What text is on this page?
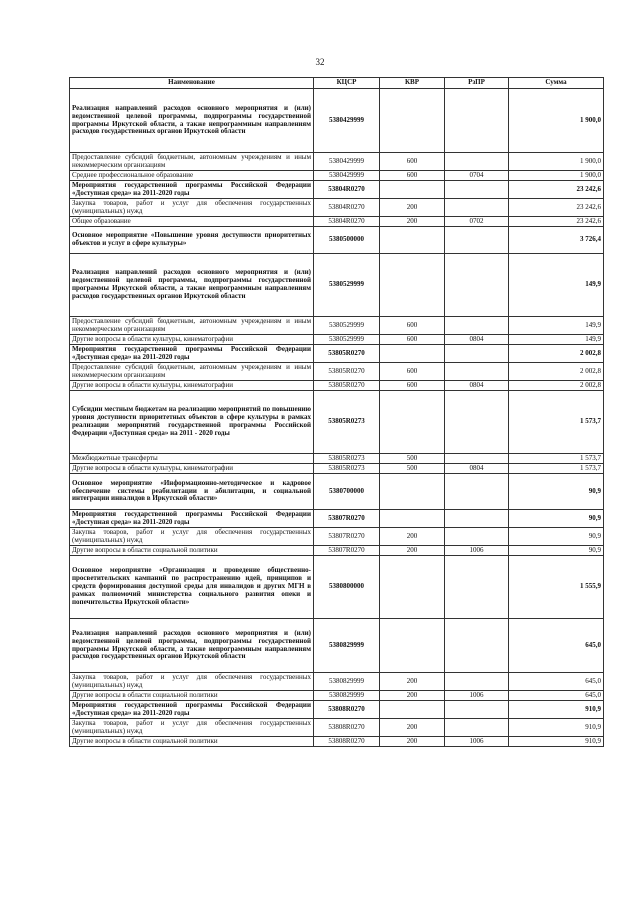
32
Наименование	КЦСР	КВР	РзПР	Сумма
Реализация направлений расходов основного мероприятия и (или) ведомственной целевой программы, подпрограммы государственной программы Иркутской области, а также непрограммным направлениям расходов государственных органов Иркутской области	5380429999			1 900,0
Предоставление субсидий бюджетным, автономным учреждениям и иным некоммерческим организациям	5380429999	600		1 900,0
Среднее профессиональное образование	5380429999	600	0704	1 900,0
Мероприятия государственной программы Российской Федерации «Доступная среда» на 2011-2020 годы	53804R0270			23 242,6
Закупка товаров, работ и услуг для обеспечения государственных (муниципальных) нужд	53804R0270	200		23 242,6
Общее образование	53804R0270	200	0702	23 242,6
Основное мероприятие «Повышение уровня доступности приоритетных объектов и услуг в сфере культуры»	5380500000			3 726,4
Реализация направлений расходов основного мероприятия и (или) ведомственной целевой программы, подпрограммы государственной программы Иркутской области, а также непрограммным направлениям расходов государственных органов Иркутской области	5380529999			149,9
Предоставление субсидий бюджетным, автономным учреждениям и иным некоммерческим организациям	5380529999	600		149,9
Другие вопросы в области культуры, кинематографии	5380529999	600	0804	149,9
Мероприятия государственной программы Российской Федерации «Доступная среда» на 2011-2020 годы	53805R0270			2 002,8
Предоставление субсидий бюджетным, автономным учреждениям и иным некоммерческим организациям	53805R0270	600		2 002,8
Другие вопросы в области культуры, кинематографии	53805R0270	600	0804	2 002,8
Субсидии местным бюджетам на реализацию мероприятий по повышению уровня доступности приоритетных объектов в сфере культуры в рамках реализации мероприятий государственной программы Российской Федерации «Доступная среда» на 2011 - 2020 годы	53805R0273			1 573,7
Межбюджетные трансферты	53805R0273	500		1 573,7
Другие вопросы в области культуры, кинематографии	53805R0273	500	0804	1 573,7
Основное мероприятие «Информационно-методическое и кадровое обеспечение системы реабилитации и абилитации, и социальной интеграции инвалидов в Иркутской области»	5380700000			90,9
Мероприятия государственной программы Российской Федерации «Доступная среда» на 2011-2020 годы	53807R0270			90,9
Закупка товаров, работ и услуг для обеспечения государственных (муниципальных) нужд	53807R0270	200		90,9
Другие вопросы в области социальной политики	53807R0270	200	1006	90,9
Основное мероприятие «Организация и проведение общественно-просветительских кампаний по распространению идей, принципов и средств формирования доступной среды для инвалидов и других МГН в рамках полномочий министерства социального развития опеки и попечительства Иркутской области»	5380800000			1 555,9
Реализация направлений расходов основного мероприятия и (или) ведомственной целевой программы, подпрограммы государственной программы Иркутской области, а также непрограммным направлениям расходов государственных органов Иркутской области	5380829999			645,0
Закупка товаров, работ и услуг для обеспечения государственных (муниципальных) нужд	5380829999	200		645,0
Другие вопросы в области социальной политики	5380829999	200	1006	645,0
Мероприятия государственной программы Российской Федерации «Доступная среда» на 2011-2020 годы	53808R0270			910,9
Закупка товаров, работ и услуг для обеспечения государственных (муниципальных) нужд	53808R0270	200		910,9
Другие вопросы в области социальной политики	53808R0270	200	1006	910,9
